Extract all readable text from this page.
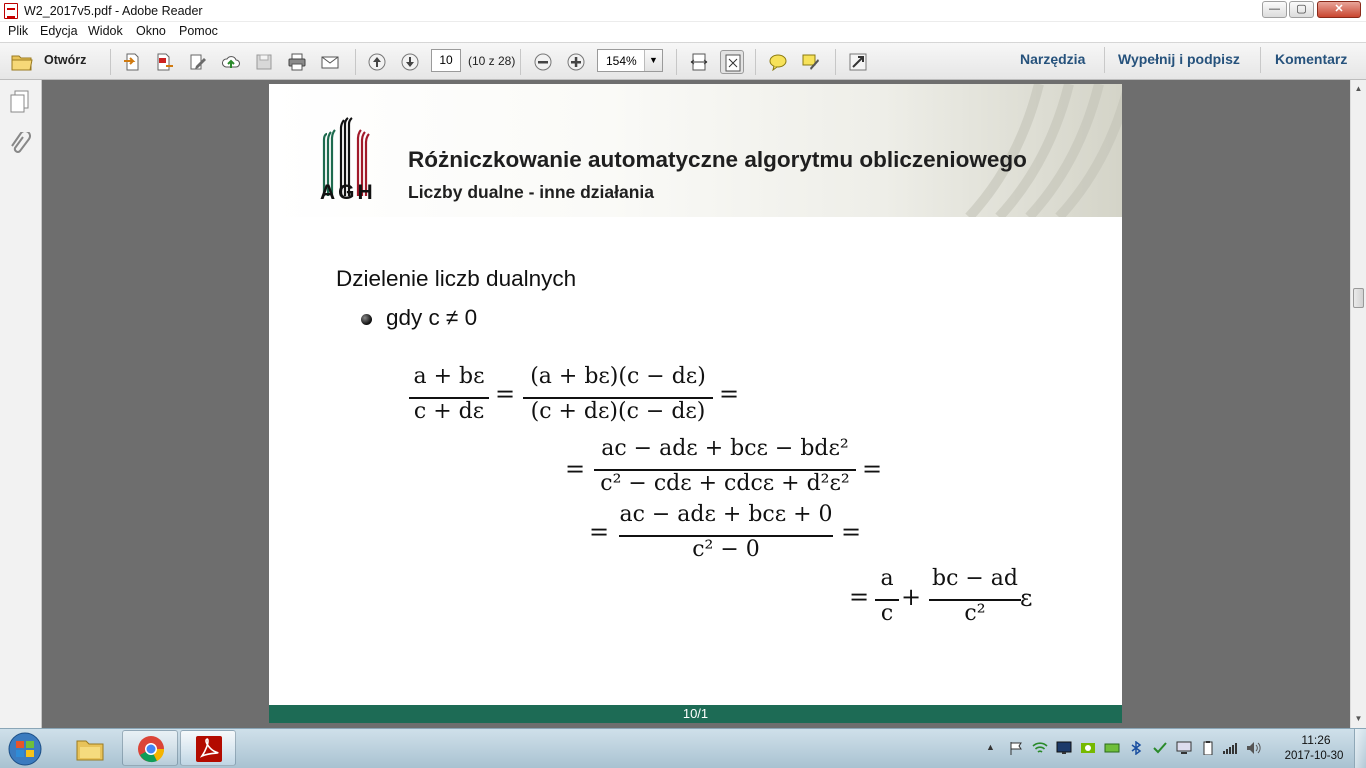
W2_2017v5.pdf - Adobe Reader	—	▢	✕
Plik Edycja Widok Okno Pomoc
Otwórz	10	(10 z 28)	154%	▼	Narzędzia Wypełnij i podpisz	Komentarz
▲
▼
AGH
Różniczkowanie automatyczne algorytmu obliczeniowego
Liczby dualne - inne działania
Dzielenie liczb dualnych
gdy c ≠ 0
a + bε
c + dε
=
(a + bε)(c − dε)
(c + dε)(c − dε)
=
=
ac − adε + bcε − bdε²
c² − cdε + cdcε + d²ε²
=
=
ac − adε + bcε + 0
c² − 0
=
=
a
c
+
bc − ad
c²
ε
10/1
▲	11:26
2017-10-30
